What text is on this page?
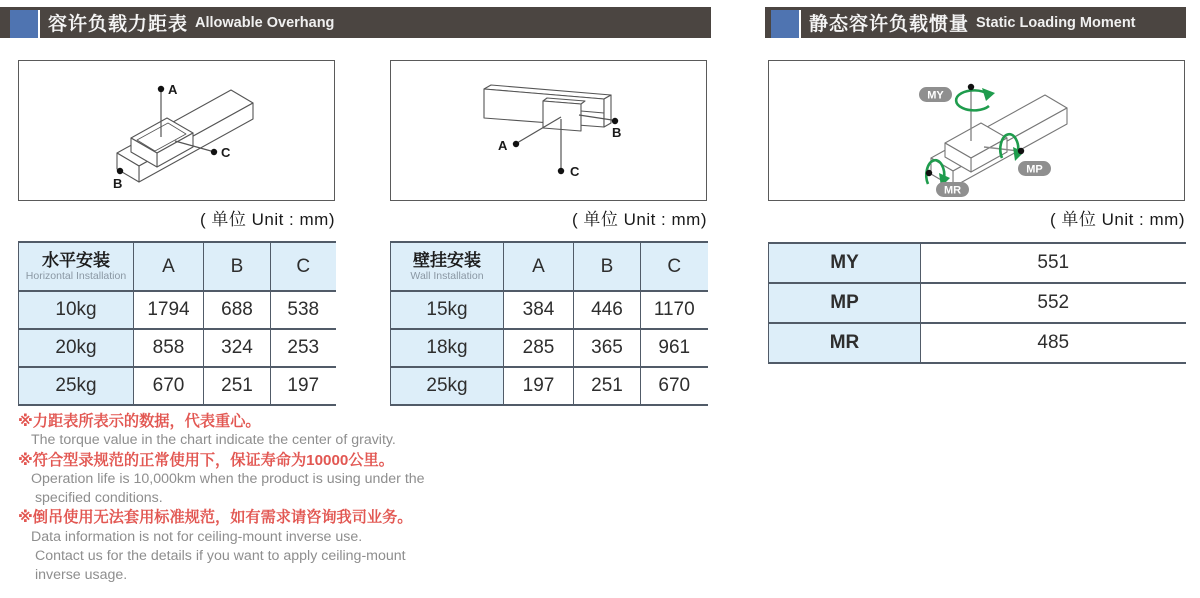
容许负载力距表 Allowable Overhang	静态容许负载惯量 Static Loading Moment
A
B
C
( 单位 Unit : mm)
A
B
C
( 单位 Unit : mm)
MY
MP
MR
( 单位 Unit : mm)
水平安装
Horizontal Installation	A	B	C
10kg	1794	688	538
20kg	858	324	253
25kg	670	251	197
壁挂安装
Wall Installation	A	B	C
15kg	384	446	1170
18kg	285	365	961
25kg	197	251	670
MY	551
MP	552
MR	485
※力距表所表示的数据，代表重心。
The torque value in the chart indicate the center of gravity.
※符合型录规范的正常使用下，保证寿命为10000公里。
Operation life is 10,000km when the product is using under the
specified conditions.
※倒吊使用无法套用标准规范，如有需求请咨询我司业务。
Data information is not for ceiling-mount inverse use.
Contact us for the details if you want to apply ceiling-mount
inverse usage.
